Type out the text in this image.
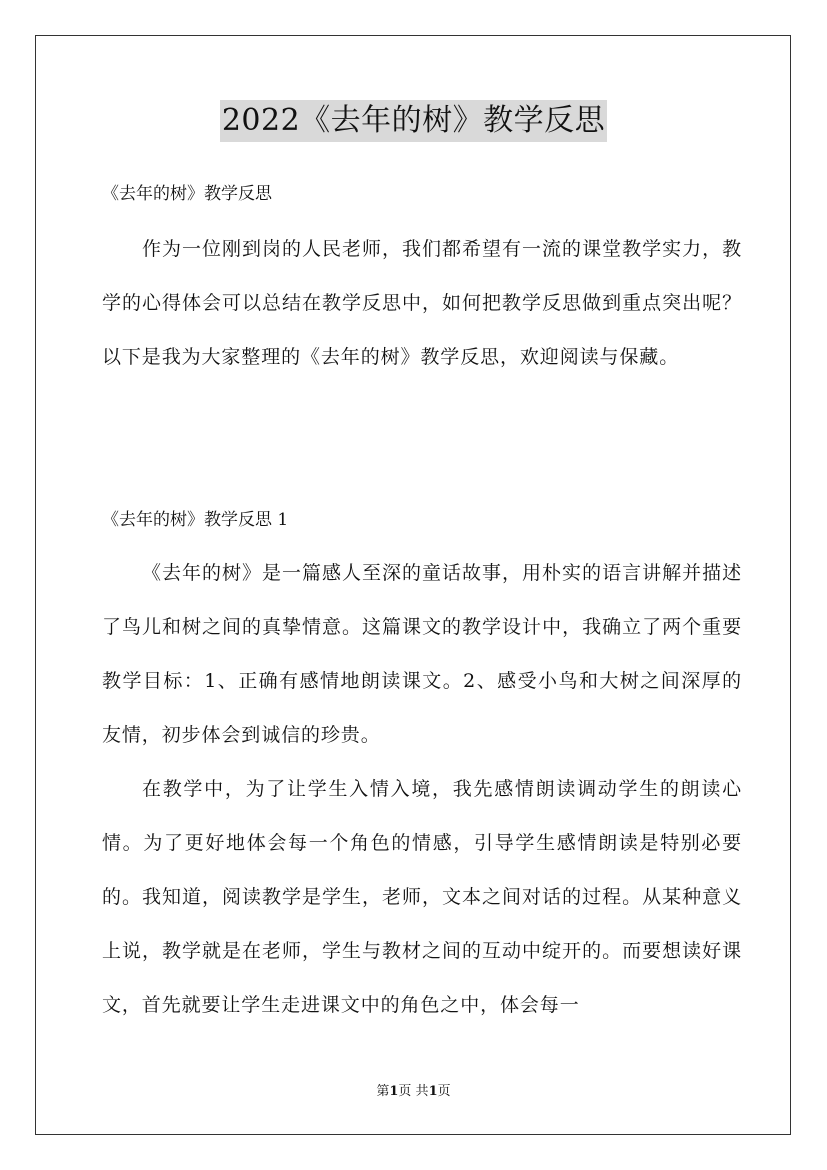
2022《去年的树》教学反思

《去年的树》教学反思

作为一位刚到岗的人民老师，我们都希望有一流的课堂教学实力，教学的心得体会可以总结在教学反思中，如何把教学反思做到重点突出呢？以下是我为大家整理的《去年的树》教学反思，欢迎阅读与保藏。

《去年的树》教学反思 1

《去年的树》是一篇感人至深的童话故事，用朴实的语言讲解并描述了鸟儿和树之间的真挚情意。这篇课文的教学设计中，我确立了两个重要教学目标：1、正确有感情地朗读课文。2、感受小鸟和大树之间深厚的友情，初步体会到诚信的珍贵。

在教学中，为了让学生入情入境，我先感情朗读调动学生的朗读心情。为了更好地体会每一个角色的情感，引导学生感情朗读是特别必要的。我知道，阅读教学是学生，老师，文本之间对话的过程。从某种意义上说，教学就是在老师，学生与教材之间的互动中绽开的。而要想读好课文，首先就要让学生走进课文中的角色之中，体会每一

第1页 共1页
